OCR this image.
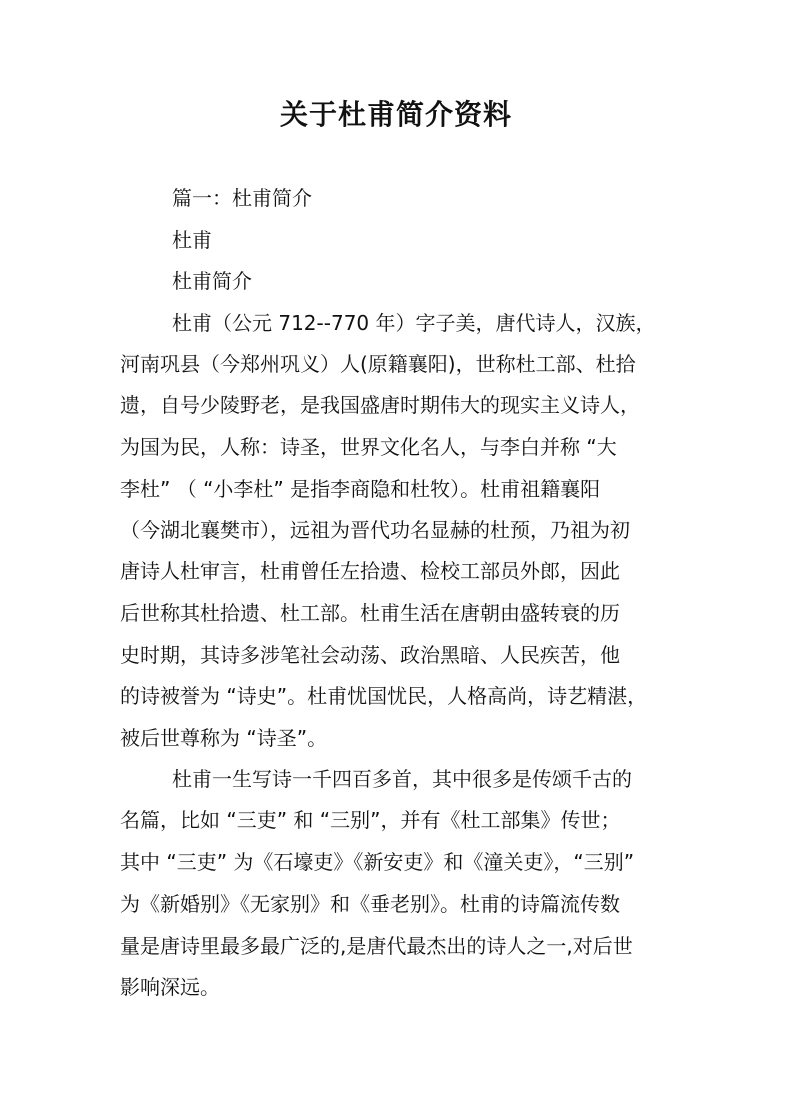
关于杜甫简介资料
篇一：杜甫简介
杜甫
杜甫简介
杜甫（公元 712--770 年）字子美，唐代诗人，汉族，
河南巩县（今郑州巩义）人(原籍襄阳)，世称杜工部、杜拾
遗，自号少陵野老，是我国盛唐时期伟大的现实主义诗人，
为国为民，人称：诗圣，世界文化名人，与李白并称 “大
李杜” （ “小李杜” 是指李商隐和杜牧）。杜甫祖籍襄阳
（今湖北襄樊市），远祖为晋代功名显赫的杜预，乃祖为初
唐诗人杜审言，杜甫曾任左拾遗、检校工部员外郎，因此
后世称其杜拾遗、杜工部。杜甫生活在唐朝由盛转衰的历
史时期，其诗多涉笔社会动荡、政治黑暗、人民疾苦，他
的诗被誉为 “诗史”。杜甫忧国忧民，人格高尚，诗艺精湛，
被后世尊称为 “诗圣”。
杜甫一生写诗一千四百多首，其中很多是传颂千古的
名篇，比如 “三吏” 和 “三别”，并有《杜工部集》传世；
其中 “三吏” 为《石壕吏》《新安吏》和《潼关吏》，“三别”
为《新婚别》《无家别》和《垂老别》。杜甫的诗篇流传数
量是唐诗里最多最广泛的,是唐代最杰出的诗人之一,对后世
影响深远。
